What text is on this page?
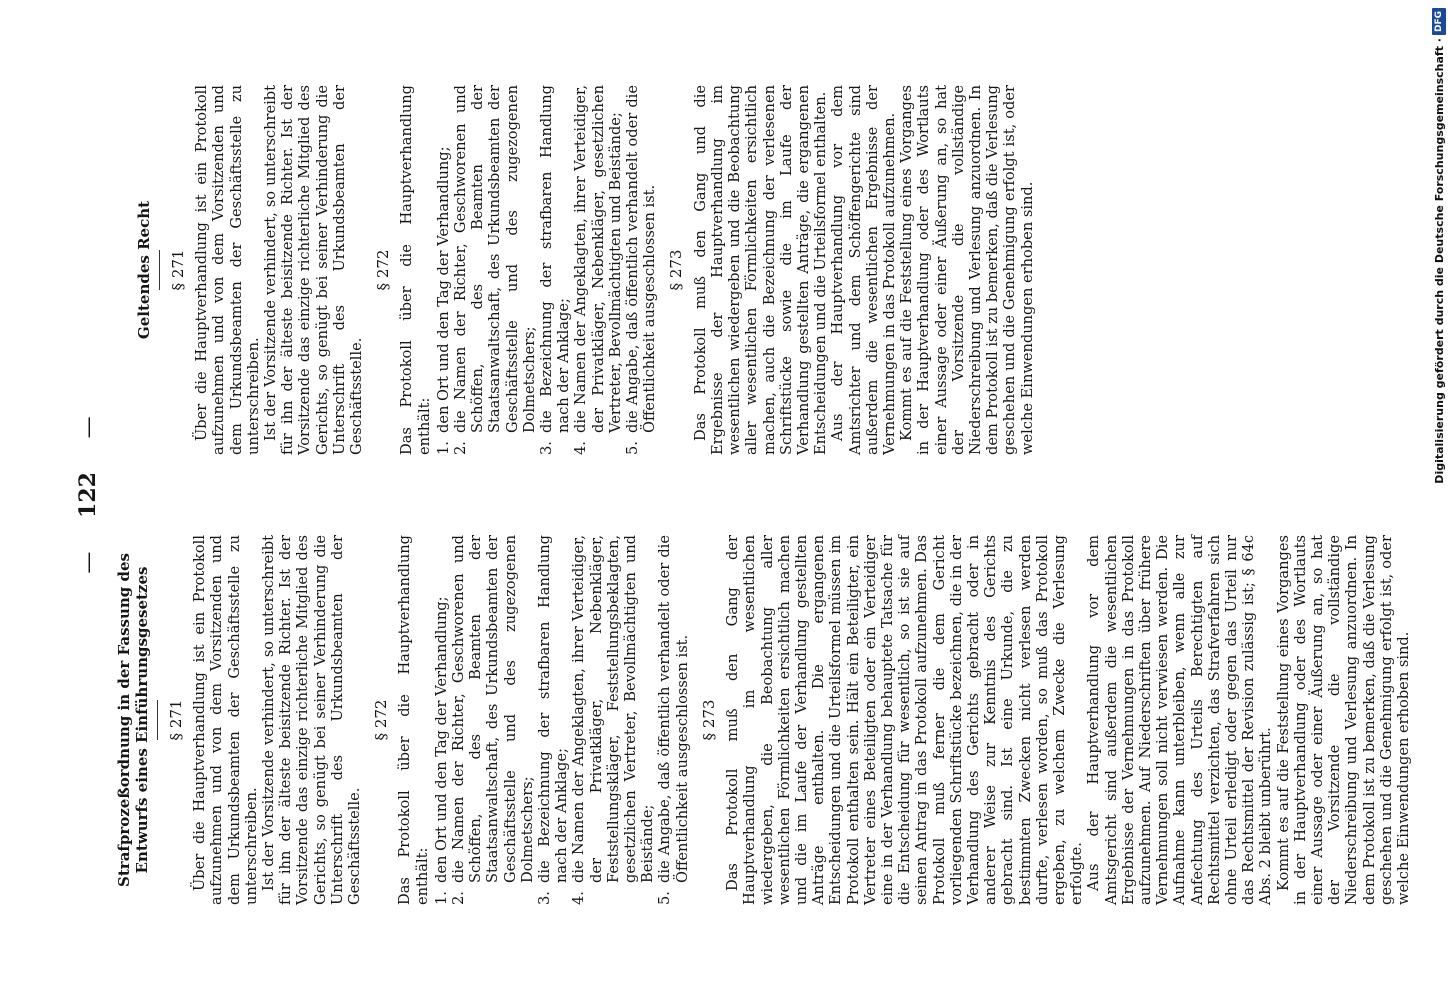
— 122 —
Strafprozeßordnung in der Fassung des Entwurfs eines Einführungsgesetzes § 271 Über die Hauptverhandlung ist ein Protokoll aufzunehmen und von dem Vorsitzenden und dem Urkundsbeamten der Geschäftsstelle zu unterschreiben. Ist der Vorsitzende verhindert, so unterschreibt für ihn der älteste beisitzende Richter. Ist der Vorsitzende das einzige richterliche Mitglied des Gerichts, so genügt bei seiner Verhinderung die Unterschrift des Urkundsbeamten der Geschäftsstelle.

§ 272 Das Protokoll über die Hauptverhandlung enthält: 1.
den Ort und den Tag der Verhandlung;
2.
die Namen der Richter, Geschworenen und Schöffen, des Beamten der Staatsanwaltschaft, des Urkundsbeamten der Geschäftsstelle und des zugezogenen Dolmetschers;
3.
die Bezeichnung der strafbaren Handlung nach der Anklage;
4.
die Namen der Angeklagten, ihrer Verteidiger, der Privatkläger, Nebenkläger, Feststellungskläger, Feststellungsbeklagten, gesetzlichen Vertreter, Bevollmächtigten und Beistände;
5.
die Angabe, daß öffentlich verhandelt oder die Öffentlichkeit ausgeschlossen ist. § 273 Das Protokoll muß den Gang der Hauptverhandlung im wesentlichen wiedergeben, die Beobachtung aller wesentlichen Förmlichkeiten ersichtlich machen und die im Laufe der Verhandlung gestellten Anträge enthalten. Die ergangenen Entscheidungen und die Urteilsformel müssen im Protokoll enthalten sein. Hält ein Beteiligter, ein Vertreter eines Beteiligten oder ein Verteidiger eine in der Verhandlung behauptete Tatsache für die Entscheidung für wesentlich, so ist sie auf seinen Antrag in das Protokoll aufzunehmen. Das Protokoll muß ferner die dem Gericht vorliegenden Schriftstücke bezeichnen, die in der Verhandlung des Gerichts gebracht oder in anderer Weise zur Kenntnis des Gerichts gebracht sind. Ist eine Urkunde, die zu bestimmten Zwecken nicht verlesen werden durfte, verlesen worden, so muß das Protokoll ergeben, zu welchem Zwecke die Verlesung erfolgte. Aus der Hauptverhandlung vor dem Amtsgericht sind außerdem die wesentlichen Ergebnisse der Vernehmungen in das Protokoll aufzunehmen. Auf Niederschriften über frühere Vernehmungen soll nicht verwiesen werden. Die Aufnahme kann unterbleiben, wenn alle zur Anfechtung des Urteils Berechtigten auf Rechtsmittel verzichten, das Strafverfahren sich ohne Urteil erledigt oder gegen das Urteil nur das Rechtsmittel der Revision zulässig ist; § 64c Abs. 2 bleibt unberührt. Kommt es auf die Feststellung eines Vorganges in der Hauptverhandlung oder des Wortlauts einer Aussage oder einer Äußerung an, so hat der Vorsitzende die vollständige Niederschreibung und Verlesung anzuordnen. In dem Protokoll ist zu bemerken, daß die Verlesung geschehen und die Genehmigung erfolgt ist, oder welche Einwendungen erhoben sind.

Geltendes Recht § 271 Über die Hauptverhandlung ist ein Protokoll aufzunehmen und von dem Vorsitzenden und dem Urkundsbeamten der Geschäftsstelle zu unterschreiben. Ist der Vorsitzende verhindert, so unterschreibt für ihn der älteste beisitzende Richter. Ist der Vorsitzende das einzige richterliche Mitglied des Gerichts, so genügt bei seiner Verhinderung die Unterschrift des Urkundsbeamten der Geschäftsstelle.

§ 272 Das Protokoll über die Hauptverhandlung enthält: 1.
den Ort und den Tag der Verhandlung;
2.
die Namen der Richter, Geschworenen und Schöffen, des Beamten der Staatsanwaltschaft, des Urkundsbeamten der Geschäftsstelle und des zugezogenen Dolmetschers;
3.
die Bezeichnung der strafbaren Handlung nach der Anklage;
4.
die Namen der Angeklagten, ihrer Verteidiger, der Privatkläger, Nebenkläger, gesetzlichen Vertreter, Bevollmächtigten und Beistände;
5.
die Angabe, daß öffentlich verhandelt oder die Öffentlichkeit ausgeschlossen ist. § 273 Das Protokoll muß den Gang und die Ergebnisse der Hauptverhandlung im wesentlichen wiedergeben und die Beobachtung aller wesentlichen Förmlichkeiten ersichtlich machen, auch die Bezeichnung der verlesenen Schriftstücke sowie die im Laufe der Verhandlung gestellten Anträge, die ergangenen Entscheidungen und die Urteilsformel enthalten. Aus der Hauptverhandlung vor dem Amtsrichter und dem Schöffengerichte sind außerdem die wesentlichen Ergebnisse der Vernehmungen in das Protokoll aufzunehmen. Kommt es auf die Feststellung eines Vorganges in der Hauptverhandlung oder des Wortlauts einer Aussage oder einer Äußerung an, so hat der Vorsitzende die vollständige Niederschreibung und Verlesung anzuordnen. In dem Protokoll ist zu bemerken, daß die Verlesung geschehen und die Genehmigung erfolgt ist, oder welche Einwendungen erhoben sind.	Digitalisierung gefördert durch die Deutsche Forschungsgemeinschaft ·
DFG
